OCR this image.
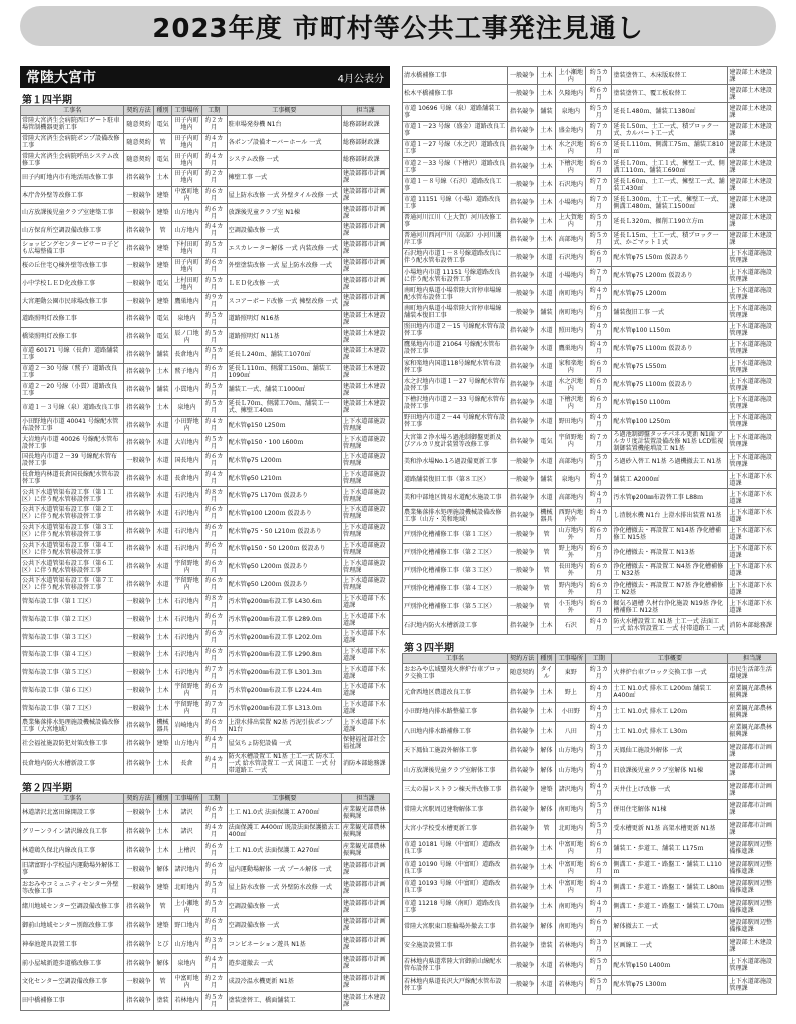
2023年度 市町村等公共工事発注見通し
常陸大宮市	4月公表分
第１四半期
工事名	契約方法	種別	工事場所	工期	工事概要	担当課
常陸大宮済生会病院西口ゲート駐車場管制機器更新工事	随意契約	電気	田子内町地内	約２カ月	駐車場発券機 N1台	総務部財政課
常陸大宮済生会病院ポンプ設備改修工事	随意契約	管	田子内町地内	約４カ月	各ポンプ設備オーバーホール 一式	総務部財政課
常陸大宮済生会病院呼出システム改修工事	随意契約	電気	田子内町地内	約４カ月	システム改修 一式	総務部財政課
田子内町地内市有地活用改修工事	指名競争	土木	田子内町地内	約２カ月	擁壁工事 一式	建設部都市計画課
本庁舎外壁等改修工事	一般競争	建築	中富町地内	約６カ月	屋上防水改修 一式 外壁タイル改修 一式	建設部都市計画課
山方放課後児童クラブ室建築工事	一般競争	建築	山方地内	約６カ月	放課後児童クラブ室 N1棟	建設部都市計画課
山方保育所空調設備改修工事	指名競争	管	山方地内	約４カ月	空調設備改修 一式	建設部都市計画課
ショッピングセンターピサーロ子ども広場整備工事	指名競争	建築	下村田町地内	約５カ月	エスカレーター解体 一式 内装改修 一式	建設部都市計画課
桜の丘住宅Ｑ棟外壁等改修工事	一般競争	建築	田子内町地内	約６カ月	外壁塗装改修 一式 屋上防水改修 一式	建設部都市計画課
小中学校ＬＥＤ化改修工事	一般競争	電気	上村田町地内	約５カ月	ＬＥＤ化改修 一式	建設部都市計画課
大宮運動公園市民球場改修工事	一般競争	建築	鷹巣地内	約９カ月	スコアーボード改修 一式 擁壁改修 一式	建設部都市計画課
道路照明灯改修工事	指名競争	電気	泉地内	約５カ月	道路照明灯 N16基	建設部土木建設課
橋梁照明灯改修工事	指名競争	電気	辰ノ口地内	約５カ月	道路照明灯 N11基	建設部土木建設課
市道 60171 号線（長倉）道路舗装工事	指名競争	舗装	長倉地内	約５カ月	延長Ｌ240ｍ、舗装工1070㎡	建設部土木建設課
市道２－30 号線（鷲子）道路改良工事	指名競争	土木	鷲子地内	約６カ月	延長Ｌ110ｍ、側溝工150ｍ、舗装工1090㎡	建設部土木建設課
市道２－20 号線（小貫）道路改良工事	指名競争	舗装	小貫地内	約５カ月	舗装工一式、舗装工1000㎡	建設部土木建設課
市道１－３号線（泉）道路改良工事	指名競争	土木	泉地内	約５カ月	延長Ｌ70ｍ、側溝工70ｍ、舗装工一式、擁壁工40ｍ	建設部土木建設課
小田野地内市道 40041 号線配水管布設替工事	指名競争	水道	小田野地内	約４カ月	配水管φ150 L250ｍ	上下水道部施設管理課
大岩地内市道 40026 号線配水管布設替工事	指名競争	水道	大岩地内	約５カ月	配水管φ150・100 L600ｍ	上下水道部施設管理課
国長地内市道２－39 号線配水管布設替工事	一般競争	水道	国長地内	約６カ月	配水管φ75 L200ｍ	上下水道部施設管理課
長倉地内林道長倉国長線配水管布設替工事	指名競争	水道	長倉地内	約４カ月	配水管φ50 L210ｍ	上下水道部施設管理課
公共下水道管渠布設工事（第１工区）に伴う配水管移設替工事	指名競争	水道	石沢地内	約８カ月	配水管φ75 L170ｍ 仮設あり	上下水道部施設管理課
公共下水道管渠布設工事（第２工区）に伴う配水管移設替工事	指名競争	水道	石沢地内	約６カ月	配水管φ100 L200ｍ 仮設あり	上下水道部施設管理課
公共下水道管渠布設工事（第３工区）に伴う配水管移設替工事	指名競争	水道	石沢地内	約６カ月	配水管φ75・50 L210ｍ 仮設あり	上下水道部施設管理課
公共下水道管渠布設工事（第４工区）に伴う配水管移設替工事	指名競争	水道	石沢地内	約６カ月	配水管φ150・50 L200ｍ 仮設あり	上下水道部施設管理課
公共下水道管渠布設工事（第６工区）に伴う配水管移設替工事	指名競争	水道	宇留野地内	約６カ月	配水管φ50 L200ｍ 仮設あり	上下水道部施設管理課
公共下水道管渠布設工事（第７工区）に伴う配水管移設替工事	指名競争	水道	宇留野地内	約６カ月	配水管φ50 L200ｍ 仮設あり	上下水道部施設管理課
管渠布設工事（第１工区）	一般競争	土木	石沢地内	約８カ月	汚水管φ200㎜布設工事 L430.6ｍ	上下水道部下水道課
管渠布設工事（第２工区）	一般競争	土木	石沢地内	約６カ月	汚水管φ200㎜布設工事 L289.0ｍ	上下水道部下水道課
管渠布設工事（第３工区）	一般競争	土木	石沢地内	約６カ月	汚水管φ200㎜布設工事 L202.0ｍ	上下水道部下水道課
管渠布設工事（第４工区）	一般競争	土木	石沢地内	約６カ月	汚水管φ200㎜布設工事 L290.8ｍ	上下水道部下水道課
管渠布設工事（第５工区）	一般競争	土木	石沢地内	約７カ月	汚水管φ200㎜布設工事 L301.3ｍ	上下水道部下水道課
管渠布設工事（第６工区）	一般競争	土木	宇留野地内	約６カ月	汚水管φ200㎜布設工事 L224.4ｍ	上下水道部下水道課
管渠布設工事（第７工区）	一般競争	土木	宇留野地内	約７カ月	汚水管φ200㎜布設工事 L313.0ｍ	上下水道部下水道課
農業集落排水処理施設機械設備改修工事（大宮地域）	指名競争	機械器具	岩崎地内	約６カ月	上澄水排出装置 N2基 汚泥引抜ポンプ N1台	上下水道部下水道課
社会福祉施設防犯対策改修工事	指名競争	建築	山方地内	約４カ月	屋気ちょ防犯設備 一式	保健福祉部社会福祉課
長倉地内防火水槽新設工事	指名競争	土木	長倉	約４カ月	防火水槽設置工 N1基 土工一式 防水工 一式 給水管設置工 一式 国道工 一式 付帯道路工 一式	消防本部総務課
第２四半期
工事名	契約方法	種別	工事場所	工期	工事概要	担当課
林道諸沢北富田線開設工事	一般競争	土木	諸沢	約６カ月	土工 N1.0式 法面保護工 A700㎡	産業観光部農林振興課
グリーンライン諸沢線改良工事	指名競争	土木	諸沢	約４カ月	法面保護工 A400㎡ 既設法面保護撤去工 400㎡	産業観光部農林振興課
林道鶏久保北内線改良工事	指名競争	土木	上檜沢	約６カ月	土工 N1.0式 法面保護工 A270㎡	産業観光部農林振興課
旧諸富野小学校屋内運動場外解体工事	一般競争	解体	諸沢地内	約６カ月	屋内運動場解体 一式 プール解体 一式	建設部都市計画課
おおみやコミュニティセンター外壁等改修工事	一般競争	建築	北町地内	約５カ月	屋上防水改修 一式 外壁防水改修 一式	建設部都市計画課
緒川地域センター空調設備改修工事	指名競争	管	上小瀬地内	約５カ月	空調設備改修 一式	建設部都市計画課
御前山地域センター別館改修工事	指名競争	建築	野口地内	約６カ月	空調設備改修 一式	建設部都市計画課
神奉池遊具設置工事	指名競争	とび	山方地内	約３カ月	コンビネーション遊具 N1基	建設部都市計画課
前小屋城新遊歩道橋改修工事	指名競争	解体	泉地内	約４カ月	遊歩道撤去 一式	建設部都市計画課
文化センター空調設備改修工事	一般競争	管	中富町地内	約２カ月	成設冷温水機更新 N1基	建設部都市計画課
田中橋補修工事	指名競争	塗装	若林地内	約５カ月	塗装塗替工、橋面舗装工	建設部土木建設課
清水橋補修工事	一般競争	土木	上小瀬地内	約５カ月	塗装塗替工、木床版取替工	建設部土木建設課
松木平橋補修工事	一般競争	土木	久隆地内	約６カ月	塗装塗替工、覆工板取替工	建設部土木建設課
市道 10696 号線（泉）道路舗装工事	指名競争	舗装	泉地内	約５カ月	延長Ｌ480ｍ、舗装工1380㎡	建設部土木建設課
市道１－23 号線（盛金）道路改良工事	指名競争	土木	盛金地内	約７カ月	延長Ｌ50ｍ、土工一式、積ブロック一式、カルバート工一式	建設部土木建設課
市道１－27 号線（水之沢）道路改良工事	指名競争	土木	水之沢地内	約６カ月	延長Ｌ110ｍ、側溝工75ｍ、舗装工810㎡	建設部土木建設課
市道２－33 号線（下檜沢）道路改良工事	指名競争	土木	下檜沢地内	約６カ月	延長Ｌ70ｍ、土工１式、擁壁工一式、側溝工110ｍ、舗装工690㎡	建設部土木建設課
市道１－８号線（石沢）道路改良工事	一般競争	土木	石沢地内	約７カ月	延長Ｌ60ｍ、土工一式、擁壁工一式、舗装工430㎡	建設部土木建設課
市道 11151 号線（小場）道路改良工事	指名競争	土木	小場地内	約７カ月	延長Ｌ300ｍ、土工一式、擁壁工一式、側溝工480ｍ、舗装工1500㎡	建設部土木建設課
普通河川江川（上大賀）河川改修工事	指名競争	土木	上大賀地内	約５カ月	延長Ｌ320ｍ、掘削工190立方ｍ	建設部土木建設課
普通河川西河戸川（高部）小河川護岸工事	指名競争	土木	高部地内	約５カ月	延長Ｌ15ｍ、土工一式、積ブロック一式、かごマット１式	建設部土木建設課
石沢地内市道１－８号線道路改良に伴う配水管布設替工事	一般競争	水道	石沢地内	約６カ月	配水管φ75 L50ｍ 仮設あり	上下水道部施設管理課
小場地内市道 11151 号線道路改良に伴う配水管布設替工事	指名競争	水道	小場地内	約７カ月	配水管φ75 L200ｍ 仮設あり	上下水道部施設管理課
南町地内県道小場常陸大宮停車場線配水管布設替工事	一般競争	水道	南町地内	約４カ月	配水管φ75 L200ｍ	上下水道部施設管理課
南町地内県道小場常陸大宮停車場線舗装本復旧工事	一般競争	舗装	南町地内	約６カ月	舗装復旧工事 一式	上下水道部施設管理課
照田地内市道２－15 号線配水管布設替工事	指名競争	水道	照田地内	約４カ月	配水管φ100 L150ｍ	上下水道部施設管理課
鷹巣地内市道 21064 号線配水管布設替工事	指名競争	水道	鷹巣地内	約４カ月	配水管φ75 L100ｍ 仮設あり	上下水道部施設管理課
家和楽地内国道118号線配水管布設替工事	指名競争	水道	家和楽地内	約６カ月	配水管φ75 L550ｍ	上下水道部施設管理課
水之沢地内市道１－27 号線配水管布設替工事	指名競争	水道	水之沢地内	約６カ月	配水管φ75 L100ｍ 仮設あり	上下水道部施設管理課
下檜沢地内市道２－33 号線配水管布設替工事	指名競争	水道	下檜沢地内	約６カ月	配水管φ150 L100ｍ	上下水道部施設管理課
野田地内市道２－44 号線配水管布設替工事	指名競争	水道	野田地内	約４カ月	配水管φ100 L250ｍ	上下水道部施設管理課
大宮第２浄水場ろ過池制御盤更新及びアルカリ度計装置等改修工事	指名競争	電気	宇留野地内	約７カ月	ろ過池制御盤タッチパネル更新 N1面 アルカリ度計装置設備改修 N1基 LCD監視制御装置機能増設工 N1基	上下水道部施設管理課
美和浄水場No.1ろ過設備更新工事	一般競争	水道	高部地内	約５カ月	ろ過砂入替工 N1基 ろ過機撤去工 N1基	上下水道部施設管理課
道路舗装復旧工事（第８工区）	一般競争	舗装	泉地内	約４カ月	舗装工 A2000㎡	上下水道部下水道課
美和中部地区簡易水道配水施設工事	指名競争	水道	高部地内	約４カ月	汚水管φ200㎜布設替工事 L88ｍ	上下水道部下水道課
農業集落排水処理施設機械設備改修工事（山方・美和地域）	指名競争	機械器具	西野内地内外	約４カ月	し渣脱水機 N1台 上澄水排出装置 N1基	上下水道部下水道課
戸別浄化槽補修工事（第１工区）	一般競争	管	山方地内外	約６カ月	浄化槽撤去・再設置工 N14基 浄化槽補修工 N15基	上下水道部下水道課
戸別浄化槽補修工事（第２工区）	一般競争	管	野上地内外	約６カ月	浄化槽撤去・再設置工 N13基	上下水道部下水道課
戸別浄化槽補修工事（第３工区）	一般競争	管	長田地内外	約６カ月	浄化槽撤去・再設置工 N4基 浄化槽補修工 N32基	上下水道部下水道課
戸別浄化槽補修工事（第４工区）	一般競争	管	野内地内外	約６カ月	浄化槽撤去・再設置工 N7基 浄化槽補修工 N2基	上下水道部下水道課
戸別浄化槽補修工事（第５工区）	一般競争	管	小玉地内外	約６カ月	掘気ろ過槽 久材台浄化施設 N19基 浄化槽補修工 N12基	上下水道部下水道課
石沢地内防火水槽新設工事	指名競争	土木	石沢	約４カ月	防火水槽設置工 N1基 土工一式 法面工 一式 給水管設置工 一式 付帯道路工 一式	消防本部総務課
第３四半期
工事名	契約方法	種別	工事場所	工期	工事概要	担当課
おおみや広域聖苑火葬炉台車ブロック交換工事	随意契約	タイル	東野	約３カ月	火葬炉台車ブロック交換工事 一式	市民生活部生活環境課
元倉西地区農道改良工事	指名競争	土木	野上	約４カ月	土工 N1.0式 排水工 L200ｍ 舗装工 A400㎡	産業観光部農林振興課
小田野地内排水路整備工事	指名競争	土木	小田野	約４カ月	土工 N1.0式 排水工 L20ｍ	産業観光部農林振興課
八田地内排水路補修工事	指名競争	土木	八田	約４カ月	土工 N1.0式 排水工 L30ｍ	産業観光部農林振興課
天下鳳仙工施設外解体工事	指名競争	解体	山方地内	約３カ月	天鳳仙工施設外解体 一式	建設部都市計画課
山方放課後児童クラブ室解体工事	指名競争	解体	山方地内	約４カ月	旧放課後児童クラブ室解体 N1棟	建設部都市計画課
三太の湯レストラン棟天井改修工事	指名競争	建築	諸沢地内	約４カ月	天井仕上げ改修 一式	建設部都市計画課
常陸大宮駅周辺建物解体工事	指名競争	解体	南町地内	約５カ月	併用住宅解体 N1棟	建設部都市計画課
大宮小学校受水槽更新工事	指名競争	管	北町地内	約５カ月	受水槽更新 N1基 高架水槽更新 N1基	建設部都市計画課
市道 10181 号線（中富町）道路改良工事	指名競争	土木	中富町地内	約６カ月	舗装工・歩道工、舗装工 L175ｍ	建設部駅周辺整備推進課
市道 10190 号線（中富町）道路改良工事	指名競争	土木	中富町地内	約６カ月	側溝工・歩道工・路盤工・舗装工 L110ｍ	建設部駅周辺整備推進課
市道 10193 号線（中富町）道路改良工事	指名競争	土木	中富町地内	約４カ月	側溝工・歩道工・路盤工・舗装工 L80ｍ	建設部駅周辺整備推進課
市道 11218 号線（南町）道路改良工事	指名競争	土木	南町地内	約４カ月	側溝工・歩道工・路盤工・舗装工 L70ｍ	建設部駅周辺整備推進課
常陸大宮駅東口駐輪場外撤去工事	指名競争	解体	南町地内	約６カ月	解体撤去工 一式	建設部駅周辺整備推進課
安全施設設置工事	指名競争	塗装	若林地内	約３カ月	区画線工 一式	建設部土木建設課
若林地内県道常陸大宮御前山線配水管布設替工事	一般競争	水道	若林地内	約５カ月	配水管φ150 L400ｍ	上下水道部施設管理課
若林地内県道長沢大戸線配水管布設替工事	一般競争	水道	若林地内	約５カ月	配水管φ75 L300ｍ	上下水道部施設管理課
